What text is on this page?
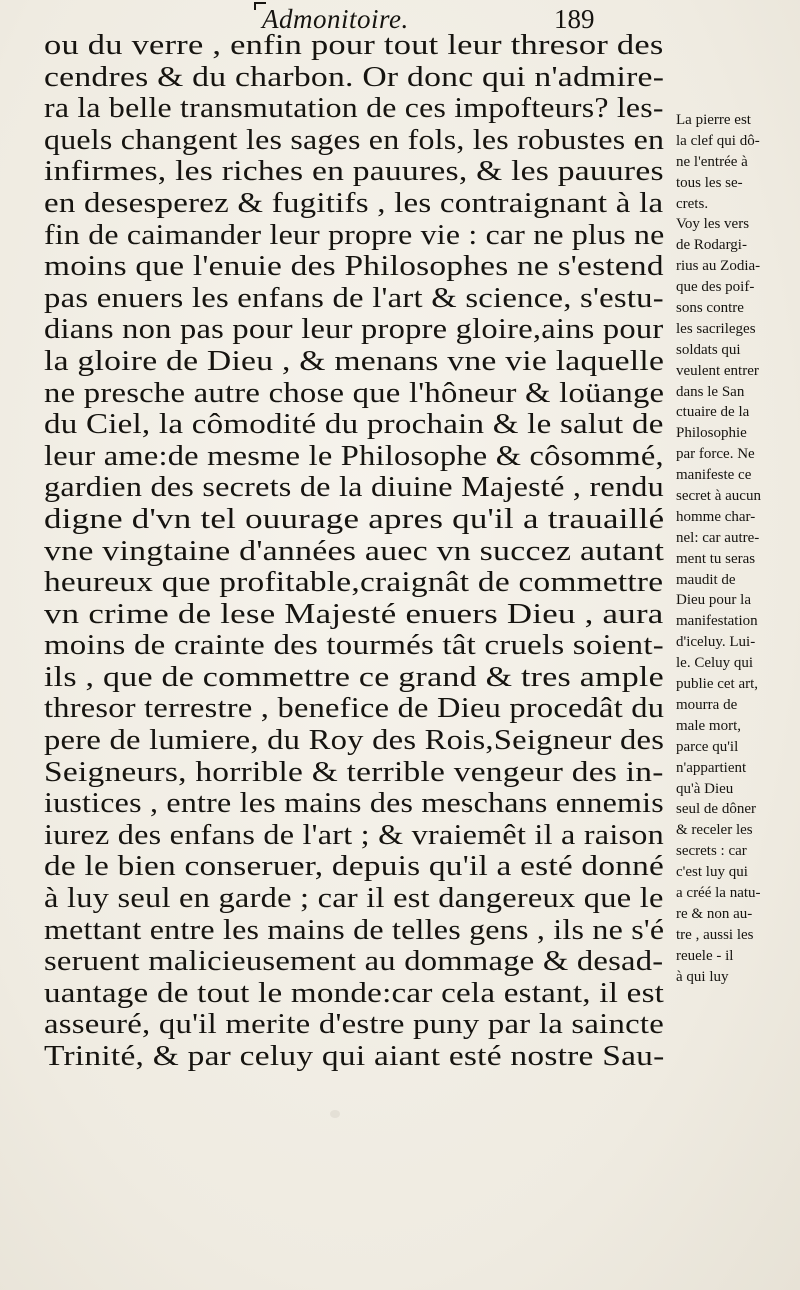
Admonitoire.	189
ou du verre , enfin pour tout leur thresor des
cendres & du charbon. Or donc qui n'admire-
ra la belle transmutation de ces impofteurs? les-
quels changent les sages en fols, les robustes en
infirmes, les riches en pauures, & les pauures
en desesperez & fugitifs , les contraignant à la
fin de caimander leur propre vie : car ne plus ne
moins que l'enuie des Philosophes ne s'estend
pas enuers les enfans de l'art & science, s'estu-
dians non pas pour leur propre gloire,ains pour
la gloire de Dieu , & menans vne vie laquelle
ne presche autre chose que l'hôneur & loüange
du Ciel, la cômodité du prochain & le salut de
leur ame:de mesme le Philosophe & côsommé,
gardien des secrets de la diuine Majesté , rendu
digne d'vn tel ouurage apres qu'il a trauaillé
vne vingtaine d'années auec vn succez autant
heureux que profitable,craignât de commettre
vn crime de lese Majesté enuers Dieu , aura
moins de crainte des tourmés tât cruels soient-
ils , que de commettre ce grand & tres ample
thresor terrestre , benefice de Dieu procedât du
pere de lumiere, du Roy des Rois,Seigneur des
Seigneurs, horrible & terrible vengeur des in-
iustices , entre les mains des meschans ennemis
iurez des enfans de l'art ; & vraiemêt il a raison
de le bien conseruer, depuis qu'il a esté donné
à luy seul en garde ; car il est dangereux que le
mettant entre les mains de telles gens , ils ne s'é
seruent malicieusement au dommage & desad-
uantage de tout le monde:car cela estant, il est
asseuré, qu'il merite d'estre puny par la saincte
Trinité, & par celuy qui aiant esté nostre Sau-
La pierre est
la clef qui dô-
ne l'entrée à
tous les se-
crets.
Voy les vers
de Rodargi-
rius au Zodia-
que des poif-
sons contre
les sacrileges
soldats qui
veulent entrer
dans le San
ctuaire de la
Philosophie
par force. Ne
manifeste ce
secret à aucun
homme char-
nel: car autre-
ment tu seras
maudit de
Dieu pour la
manifestation
d'iceluy. Lui-
le. Celuy qui
publie cet art,
mourra de
male mort,
parce qu'il
n'appartient
qu'à Dieu
seul de dôner
& receler les
secrets : car
c'est luy qui
a créé la natu-
re & non au-
tre , aussi les
reuele - il
à qui luy
